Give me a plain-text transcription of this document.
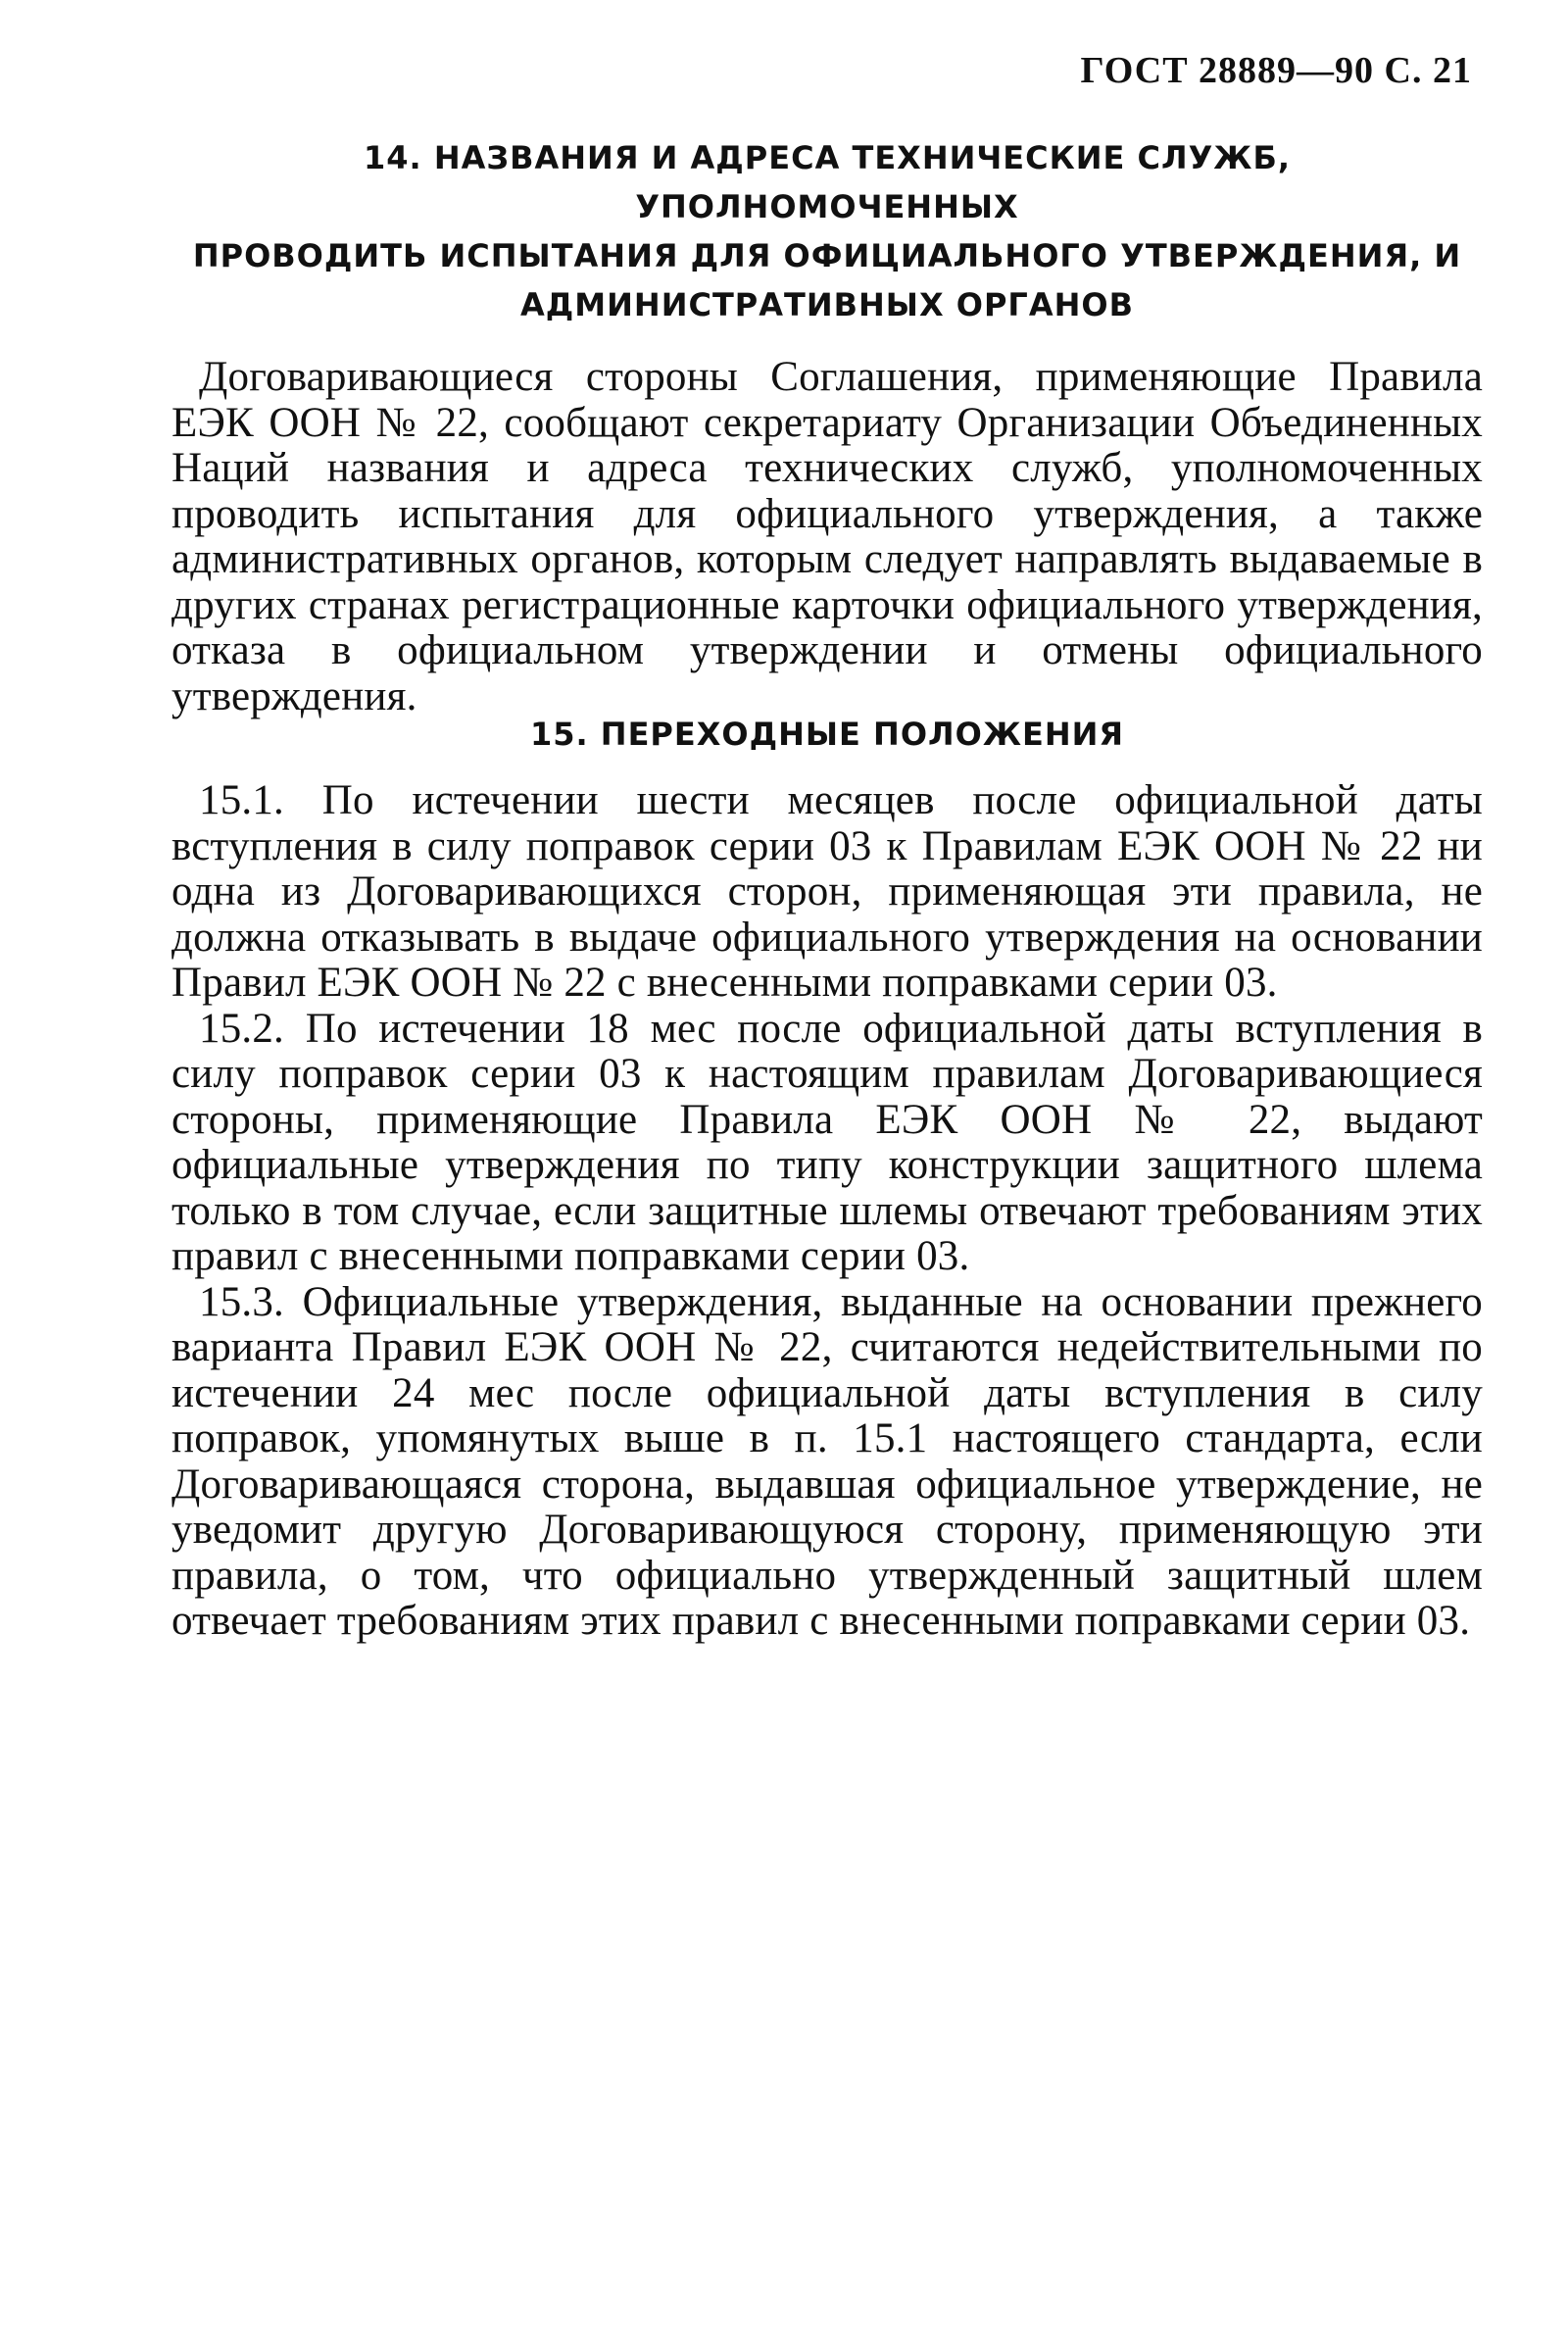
ГОСТ 28889—90 С. 21

14. НАЗВАНИЯ И АДРЕСА ТЕХНИЧЕСКИЕ СЛУЖБ, УПОЛНОМОЧЕННЫХ

ПРОВОДИТЬ ИСПЫТАНИЯ ДЛЯ ОФИЦИАЛЬНОГО УТВЕРЖДЕНИЯ, И

АДМИНИСТРАТИВНЫХ ОРГАНОВ

Договаривающиеся стороны Соглашения, применяющие Правила ЕЭК ООН № 22, сообщают секретариату Организации Объединенных Наций названия и адреса технических служб, уполномоченных проводить испытания для официального утверждения, а также административных органов, которым следует направлять выдаваемые в других странах регистрационные карточки официального утверждения, отказа в официальном утверждении и отмены официального утверждения.

15. ПЕРЕХОДНЫЕ ПОЛОЖЕНИЯ

15.1. По истечении шести месяцев после официальной даты вступления в силу поправок серии 03 к Правилам ЕЭК ООН № 22 ни одна из Договаривающихся сторон, применяющая эти правила, не должна отказывать в выдаче официального утверждения на основании Правил ЕЭК ООН № 22 с внесенными поправками серии 03.

15.2. По истечении 18 мес после официальной даты вступления в силу поправок серии 03 к настоящим правилам Договаривающиеся стороны, применяющие Правила ЕЭК ООН № 22, выдают официальные утверждения по типу конструкции защитного шлема только в том случае, если защитные шлемы отвечают требованиям этих правил с внесенными поправками серии 03.

15.3. Официальные утверждения, выданные на основании прежнего варианта Правил ЕЭК ООН № 22, считаются недействительными по истечении 24 мес после официальной даты вступления в силу поправок, упомянутых выше в п. 15.1 настоящего стандарта, если Договаривающаяся сторона, выдавшая официальное утверждение, не уведомит другую Договаривающуюся сторону, применяющую эти правила, о том, что официально утвержденный защитный шлем отвечает требованиям этих правил с внесенными поправками серии 03.
